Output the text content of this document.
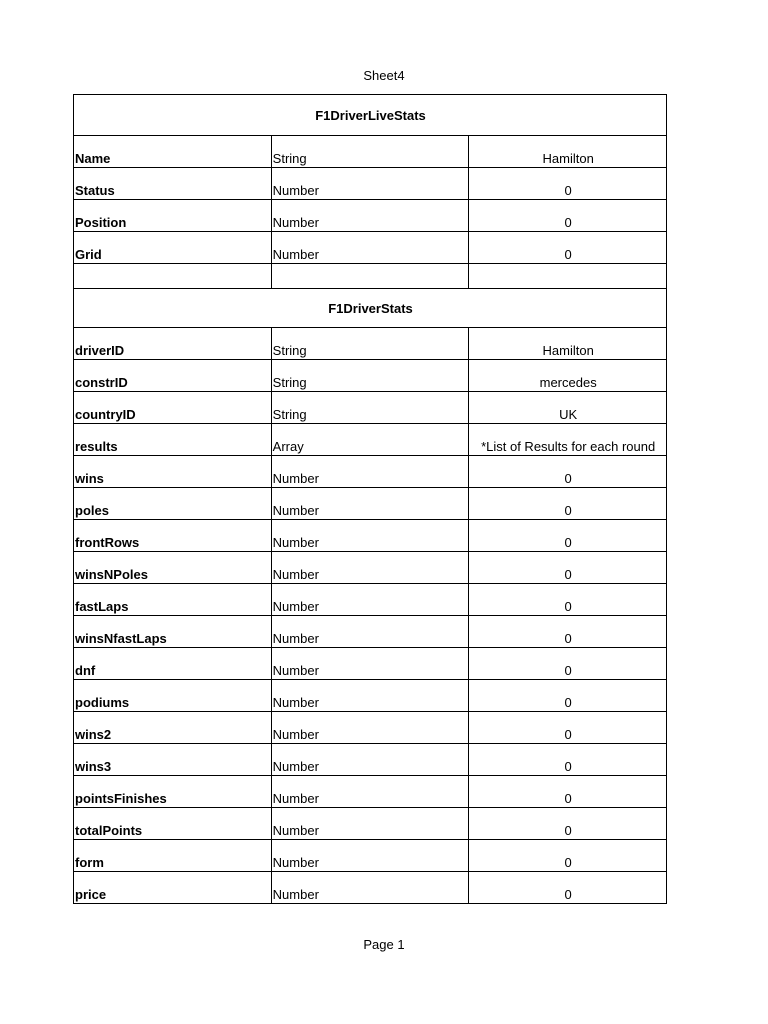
Sheet4
F1DriverLiveStats		
Name	String	Hamilton
Status	Number	0
Position	Number	0
Grid	Number	0

F1DriverStats		
driverID	String	Hamilton
constrID	String	mercedes
countryID	String	UK
results	Array	*List of Results for each round
wins	Number	0
poles	Number	0
frontRows	Number	0
winsNPoles	Number	0
fastLaps	Number	0
winsNfastLaps	Number	0
dnf	Number	0
podiums	Number	0
wins2	Number	0
wins3	Number	0
pointsFinishes	Number	0
totalPoints	Number	0
form	Number	0
price	Number	0
Page 1
